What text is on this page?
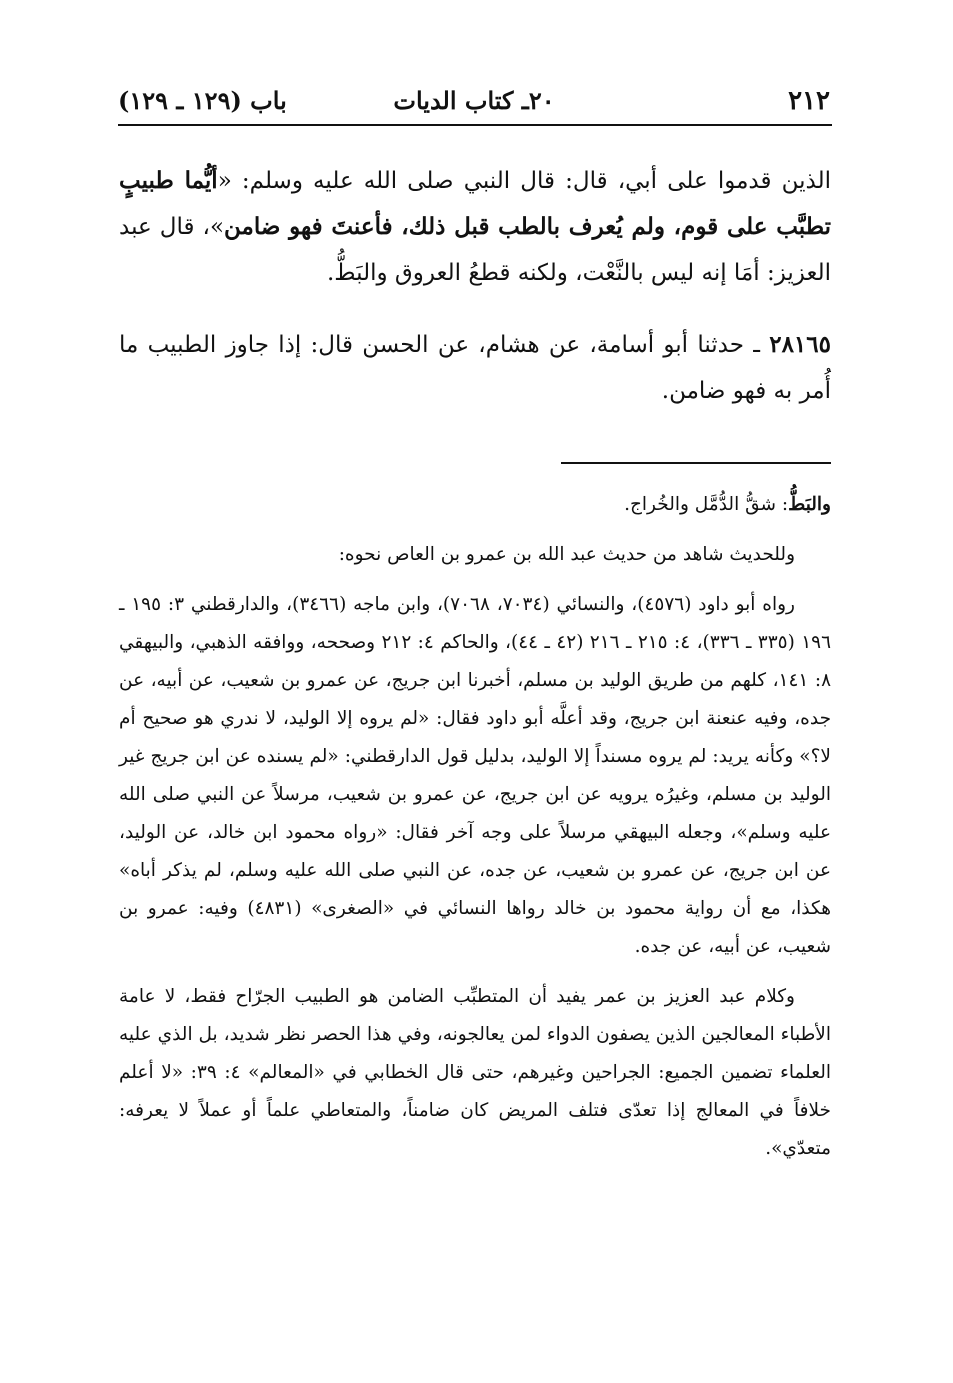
٢١٢
٢٠ـ كتاب الديات
باب (١٢٩ ـ ١٢٩)

الذين قدموا على أبي، قال: قال النبي صلى الله عليه وسلم: «أيُّما طبيبٍ تطبَّب على قوم، ولم يُعرف بالطب قبل ذلك، فأعنتَ فهو ضامن»، قال عبد العزيز: أمَا إنه ليس بالنَّعْت، ولكنه قطعُ العروق والبَطُّ.

٢٨١٦٥ ـ حدثنا أبو أسامة، عن هشام، عن الحسن قال: إذا جاوز الطبيب ما أُمر به فهو ضامن.

والبَطُّ: شقُّ الدُّمَّل والخُراج.

وللحديث شاهد من حديث عبد الله بن عمرو بن العاص نحوه:

رواه أبو داود (٤٥٧٦)، والنسائي (٧٠٣٤، ٧٠٦٨)، وابن ماجه (٣٤٦٦)، والدارقطني ٣: ١٩٥ ـ ١٩٦ (٣٣٥ ـ ٣٣٦)، ٤: ٢١٥ ـ ٢١٦ (٤٢ ـ ٤٤)، والحاكم ٤: ٢١٢ وصححه، ووافقه الذهبي، والبيهقي ٨: ١٤١، كلهم من طريق الوليد بن مسلم، أخبرنا ابن جريج، عن عمرو بن شعيب، عن أبيه، عن جده، وفيه عنعنة ابن جريج، وقد أعلَّه أبو داود فقال: «لم يروه إلا الوليد، لا ندري هو صحيح أم لا؟» وكأنه يريد: لم يروه مسنداً إلا الوليد، بدليل قول الدارقطني: «لم يسنده عن ابن جريج غير الوليد بن مسلم، وغيرُه يرويه عن ابن جريج، عن عمرو بن شعيب، مرسلاً عن النبي صلى الله عليه وسلم»، وجعله البيهقي مرسلاً على وجه آخر فقال: «رواه محمود ابن خالد، عن الوليد، عن ابن جريج، عن عمرو بن شعيب، عن جده، عن النبي صلى الله عليه وسلم، لم يذكر أباه» هكذا، مع أن رواية محمود بن خالد رواها النسائي في «الصغرى» (٤٨٣١) وفيه: عمرو بن شعيب، عن أبيه، عن جده.

وكلام عبد العزيز بن عمر يفيد أن المتطبِّب الضامن هو الطبيب الجرّاح فقط، لا عامة الأطباء المعالجين الذين يصفون الدواء لمن يعالجونه، وفي هذا الحصر نظر شديد، بل الذي عليه العلماء تضمين الجميع: الجراحين وغيرهم، حتى قال الخطابي في «المعالم» ٤: ٣٩: «لا أعلم خلافاً في المعالج إذا تعدّى فتلف المريض كان ضامناً، والمتعاطي علماً أو عملاً لا يعرفه: متعدّي».
